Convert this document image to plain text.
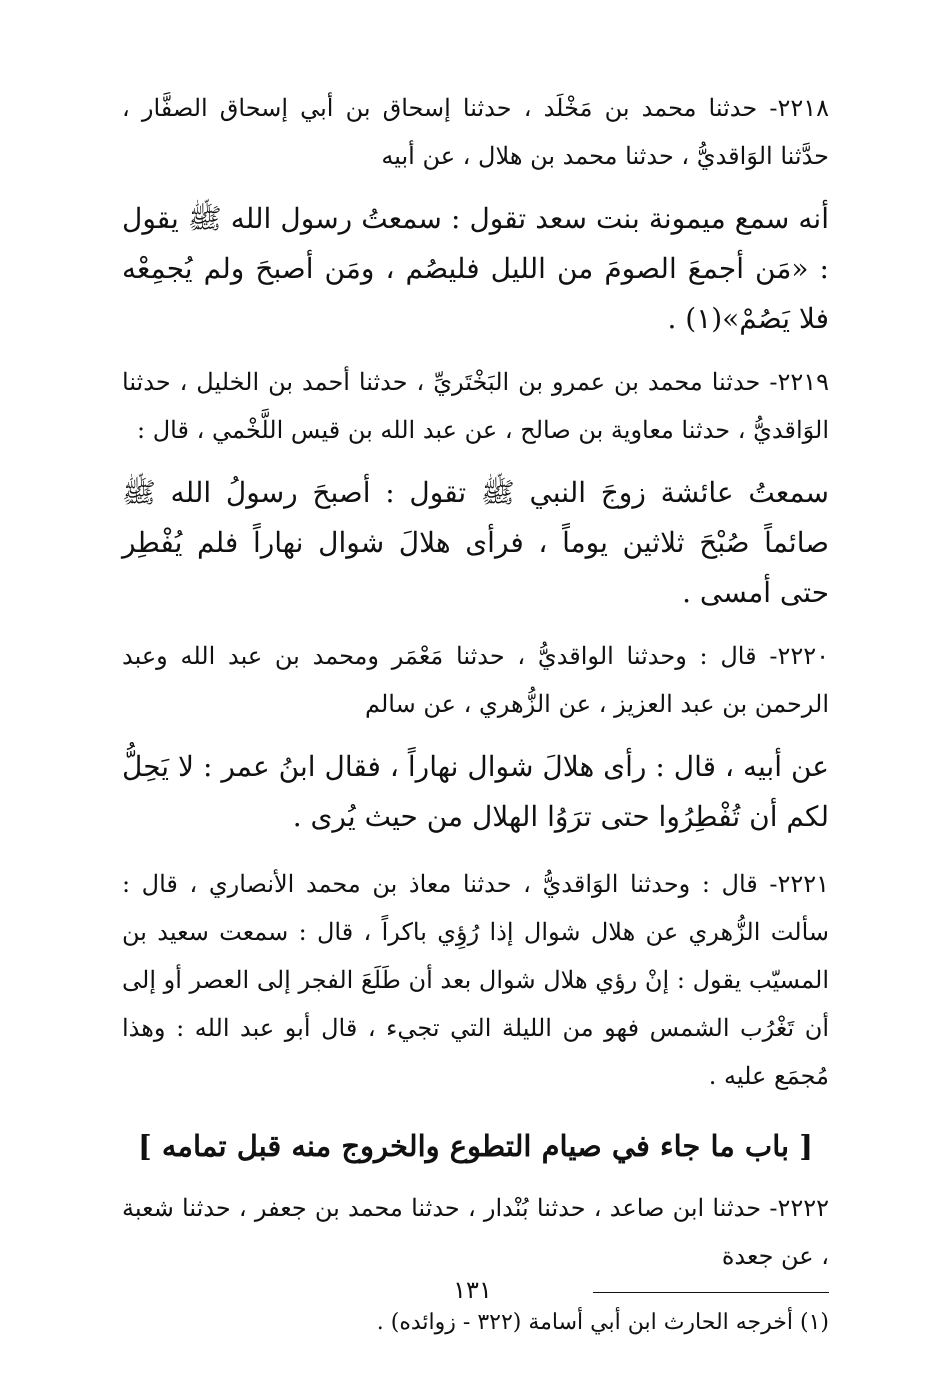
٢٢١٨- حدثنا محمد بن مَخْلَد ، حدثنا إسحاق بن أبي إسحاق الصفَّار ، حدَّثنا الوَاقديُّ ، حدثنا محمد بن هلال ، عن أبيه

أنه سمع ميمونة بنت سعد تقول : سمعتُ رسول الله ﷺ يقول : «مَن أجمعَ الصومَ من الليل فليصُم ، ومَن أصبحَ ولم يُجمِعْه فلا يَصُمْ»(١) .

٢٢١٩- حدثنا محمد بن عمرو بن البَخْتَريِّ ، حدثنا أحمد بن الخليل ، حدثنا الوَاقديُّ ، حدثنا معاوية بن صالح ، عن عبد الله بن قيس اللَّخْمي ، قال :

سمعتُ عائشة زوجَ النبي ﷺ تقول : أصبحَ رسولُ الله ﷺ صائماً صُبْحَ ثلاثين يوماً ، فرأى هلالَ شوال نهاراً فلم يُفْطِر حتى أمسى .

٢٢٢٠- قال : وحدثنا الواقديُّ ، حدثنا مَعْمَر ومحمد بن عبد الله وعبد الرحمن بن عبد العزيز ، عن الزُّهري ، عن سالم

عن أبيه ، قال : رأى هلالَ شوال نهاراً ، فقال ابنُ عمر : لا يَحِلُّ لكم أن تُفْطِرُوا حتى ترَوُا الهلال من حيث يُرى .

٢٢٢١- قال : وحدثنا الوَاقديُّ ، حدثنا معاذ بن محمد الأنصاري ، قال : سألت الزُّهري عن هلال شوال إذا رُؤِي باكراً ، قال : سمعت سعيد بن المسيّب يقول : إنْ رؤي هلال شوال بعد أن طَلَعَ الفجر إلى العصر أو إلى أن تَغْرُب الشمس فهو من الليلة التي تجيء ، قال أبو عبد الله : وهذا مُجمَع عليه .

[ باب ما جاء في صيام التطوع والخروج منه قبل تمامه ]

٢٢٢٢- حدثنا ابن صاعد ، حدثنا بُنْدار ، حدثنا محمد بن جعفر ، حدثنا شعبة ، عن جعدة

(١) أخرجه الحارث ابن أبي أسامة (٣٢٢ - زوائده) .
١٣١
